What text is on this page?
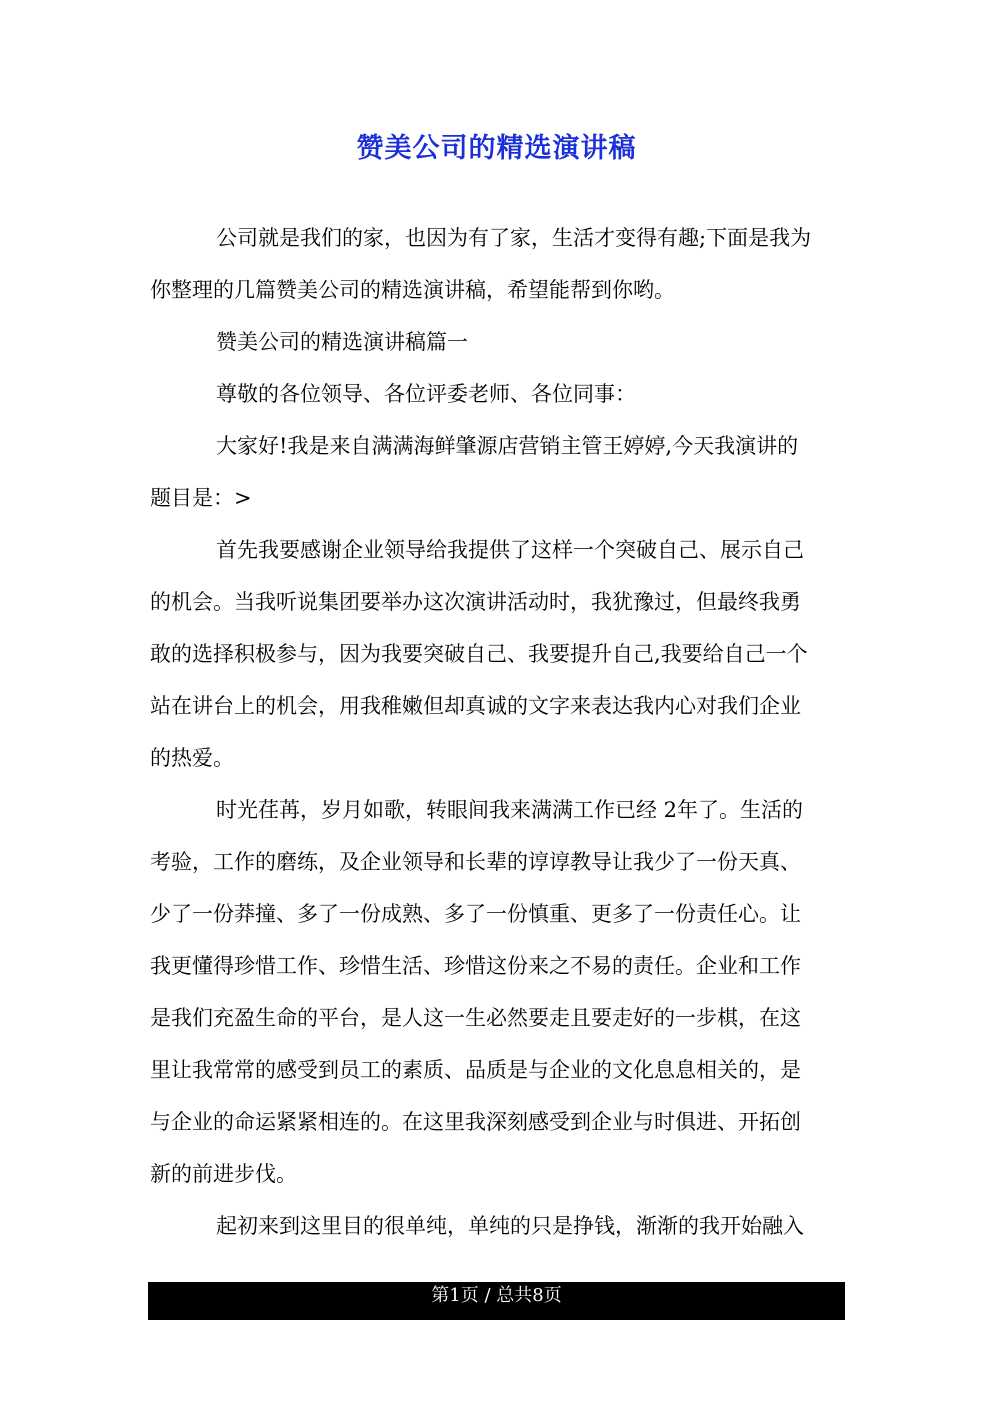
赞美公司的精选演讲稿
公司就是我们的家，也因为有了家，生活才变得有趣;下面是我为
你整理的几篇赞美公司的精选演讲稿，希望能帮到你哟。
赞美公司的精选演讲稿篇一
尊敬的各位领导、各位评委老师、各位同事：
大家好!我是来自满满海鲜肇源店营销主管王婷婷,今天我演讲的
题目是：>
首先我要感谢企业领导给我提供了这样一个突破自己、展示自己
的机会。当我听说集团要举办这次演讲活动时，我犹豫过，但最终我勇
敢的选择积极参与，因为我要突破自己、我要提升自己,我要给自己一个
站在讲台上的机会，用我稚嫩但却真诚的文字来表达我内心对我们企业
的热爱。
时光荏苒，岁月如歌，转眼间我来满满工作已经 2年了。生活的
考验，工作的磨练，及企业领导和长辈的谆谆教导让我少了一份天真、
少了一份莽撞、多了一份成熟、多了一份慎重、更多了一份责任心。让
我更懂得珍惜工作、珍惜生活、珍惜这份来之不易的责任。企业和工作
是我们充盈生命的平台，是人这一生必然要走且要走好的一步棋，在这
里让我常常的感受到员工的素质、品质是与企业的文化息息相关的，是
与企业的命运紧紧相连的。在这里我深刻感受到企业与时俱进、开拓创
新的前进步伐。
起初来到这里目的很单纯，单纯的只是挣钱，渐渐的我开始融入
第1页 / 总共8页
